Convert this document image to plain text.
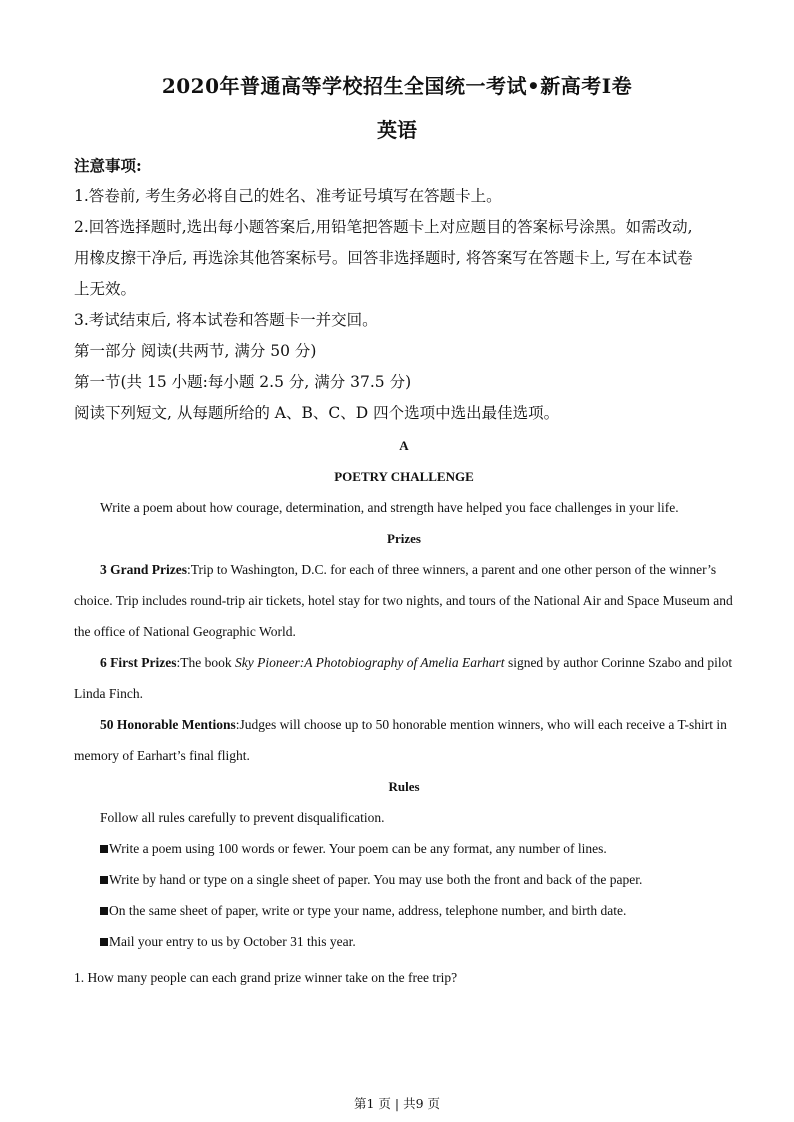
2020年普通高等学校招生全国统一考试•新高考Ⅰ卷
英语

注意事项:

1.答卷前, 考生务必将自己的姓名、准考证号填写在答题卡上。

2.回答选择题时,选出每小题答案后,用铅笔把答题卡上对应题目的答案标号涂黑。如需改动,

用橡皮擦干净后, 再选涂其他答案标号。回答非选择题时, 将答案写在答题卡上, 写在本试卷

上无效。

3.考试结束后, 将本试卷和答题卡一并交回。

第一部分 阅读(共两节, 满分 50 分)

第一节(共 15 小题:每小题 2.5 分, 满分 37.5 分)

阅读下列短文, 从每题所给的 A、B、C、D 四个选项中选出最佳选项。

A

POETRY CHALLENGE

Write a poem about how courage, determination, and strength have helped you face challenges in your life.

Prizes

3 Grand Prizes:Trip to Washington, D.C. for each of three winners, a parent and one other person of the winner’s choice. Trip includes round-trip air tickets, hotel stay for two nights, and tours of the National Air and Space Museum and the office of National Geographic World.

6 First Prizes:The book Sky Pioneer:A Photobiography of Amelia Earhart signed by author Corinne Szabo and pilot Linda Finch.

50 Honorable Mentions:Judges will choose up to 50 honorable mention winners, who will each receive a T-shirt in memory of Earhart’s final flight.

Rules

Follow all rules carefully to prevent disqualification.

Write a poem using 100 words or fewer. Your poem can be any format, any number of lines.

Write by hand or type on a single sheet of paper. You may use both the front and back of the paper.

On the same sheet of paper, write or type your name, address, telephone number, and birth date.

Mail your entry to us by October 31 this year.

1. How many people can each grand prize winner take on the free trip?

第1 页 | 共9 页
